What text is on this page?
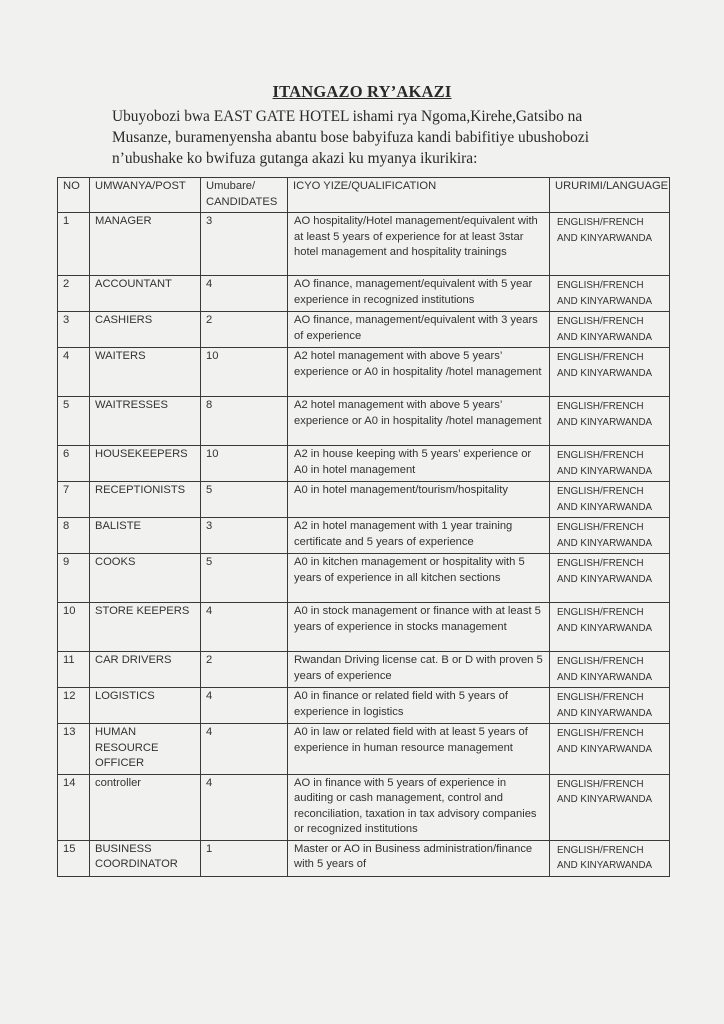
ITANGAZO RY’AKAZI

Ubuyobozi bwa EAST GATE HOTEL ishami rya Ngoma,Kirehe,Gatsibo na
Musanze, buramenyensha abantu bose babyifuza kandi babifitiye ubushobozi
n’ubushake ko bwifuza gutanga akazi ku myanya ikurikira:

NO	UMWANYA/POST	Umubare/ CANDIDATES	ICYO YIZE/QUALIFICATION	URURIMI/LANGUAGE
1	MANAGER	3	AO hospitality/Hotel management/equivalent with at least 5 years of experience for at least 3star hotel management and hospitality trainings	ENGLISH/FRENCH AND KINYARWANDA
2	ACCOUNTANT	4	AO finance, management/equivalent with 5 year experience in recognized institutions	ENGLISH/FRENCH AND KINYARWANDA
3	CASHIERS	2	AO finance, management/equivalent with 3 years of experience	ENGLISH/FRENCH AND KINYARWANDA
4	WAITERS	10	A2 hotel management with above 5 years’ experience or A0 in hospitality /hotel management	ENGLISH/FRENCH AND KINYARWANDA
5	WAITRESSES	8	A2 hotel management with above 5 years’ experience or A0 in hospitality /hotel management	ENGLISH/FRENCH AND KINYARWANDA
6	HOUSEKEEPERS	10	A2 in house keeping with 5 years’ experience or A0 in hotel management	ENGLISH/FRENCH AND KINYARWANDA
7	RECEPTIONISTS	5	A0 in hotel management/tourism/hospitality	ENGLISH/FRENCH AND KINYARWANDA
8	BALISTE	3	A2 in hotel management with 1 year training certificate and 5 years of experience	ENGLISH/FRENCH AND KINYARWANDA
9	COOKS	5	A0 in kitchen management or hospitality with 5 years of experience in all kitchen sections	ENGLISH/FRENCH AND KINYARWANDA
10	STORE KEEPERS	4	A0 in stock management or finance with at least 5 years of experience in stocks management	ENGLISH/FRENCH AND KINYARWANDA
11	CAR DRIVERS	2	Rwandan Driving license cat. B or D with proven 5 years of experience	ENGLISH/FRENCH AND KINYARWANDA
12	LOGISTICS	4	A0 in finance or related field with 5 years of experience in logistics	ENGLISH/FRENCH AND KINYARWANDA
13	HUMAN RESOURCE OFFICER	4	A0 in law or related field with at least 5 years of experience in human resource management	ENGLISH/FRENCH AND KINYARWANDA
14	controller	4	AO in finance with 5 years of experience in auditing or cash management, control and reconciliation, taxation in tax advisory companies or recognized institutions	ENGLISH/FRENCH AND KINYARWANDA
15	BUSINESS COORDINATOR	1	Master or AO in Business administration/finance with 5 years of	ENGLISH/FRENCH AND KINYARWANDA
